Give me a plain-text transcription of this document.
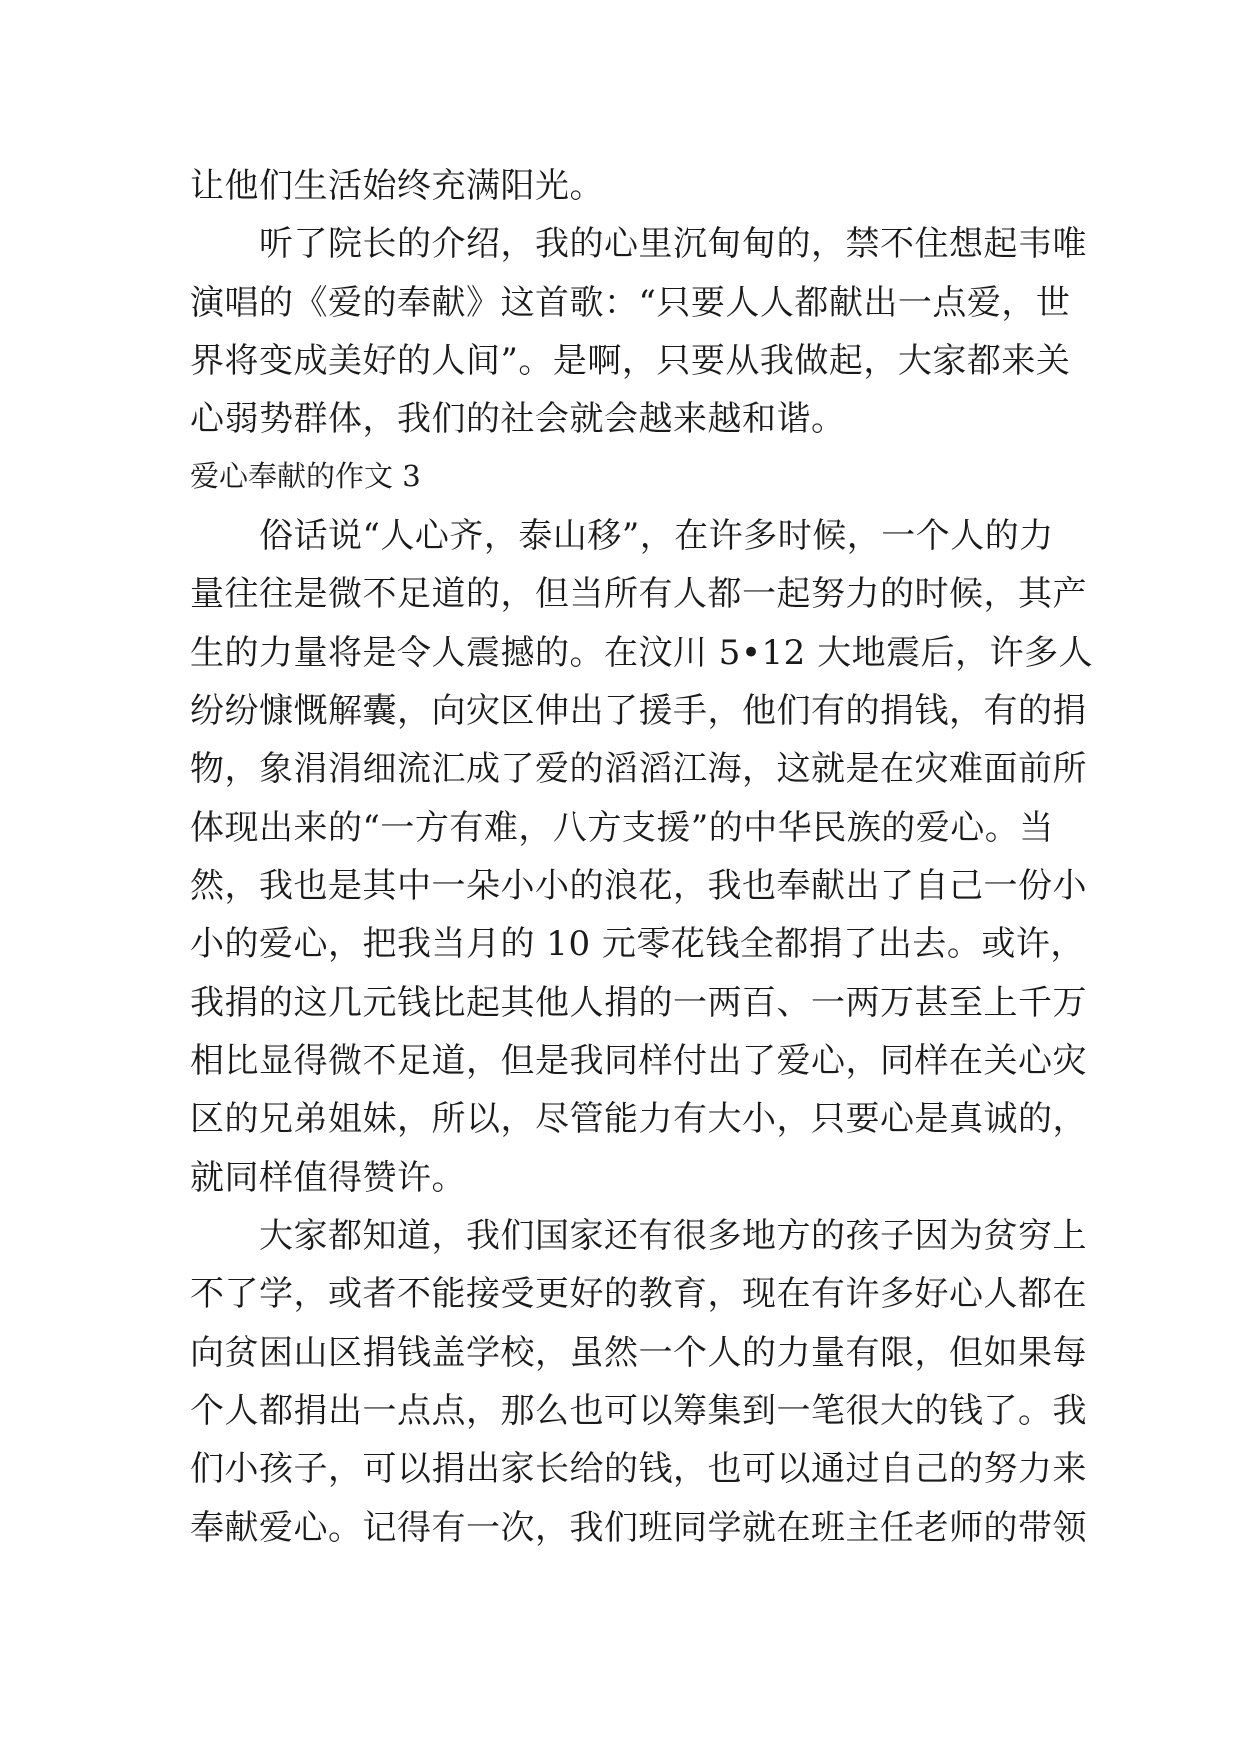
让他们生活始终充满阳光。
　　听了院长的介绍，我的心里沉甸甸的，禁不住想起韦唯
演唱的《爱的奉献》这首歌：“只要人人都献出一点爱，世
界将变成美好的人间”。是啊，只要从我做起，大家都来关
心弱势群体，我们的社会就会越来越和谐。
爱心奉献的作文 3
　　俗话说“人心齐，泰山移”，在许多时候，一个人的力
量往往是微不足道的，但当所有人都一起努力的时候，其产
生的力量将是令人震撼的。在汶川 5•12 大地震后，许多人
纷纷慷慨解囊，向灾区伸出了援手，他们有的捐钱，有的捐
物，象涓涓细流汇成了爱的滔滔江海，这就是在灾难面前所
体现出来的“一方有难，八方支援”的中华民族的爱心。当
然，我也是其中一朵小小的浪花，我也奉献出了自己一份小
小的爱心，把我当月的 10 元零花钱全都捐了出去。或许，
我捐的这几元钱比起其他人捐的一两百、一两万甚至上千万
相比显得微不足道，但是我同样付出了爱心，同样在关心灾
区的兄弟姐妹，所以，尽管能力有大小，只要心是真诚的，
就同样值得赞许。
　　大家都知道，我们国家还有很多地方的孩子因为贫穷上
不了学，或者不能接受更好的教育，现在有许多好心人都在
向贫困山区捐钱盖学校，虽然一个人的力量有限，但如果每
个人都捐出一点点，那么也可以筹集到一笔很大的钱了。我
们小孩子，可以捐出家长给的钱，也可以通过自己的努力来
奉献爱心。记得有一次，我们班同学就在班主任老师的带领
